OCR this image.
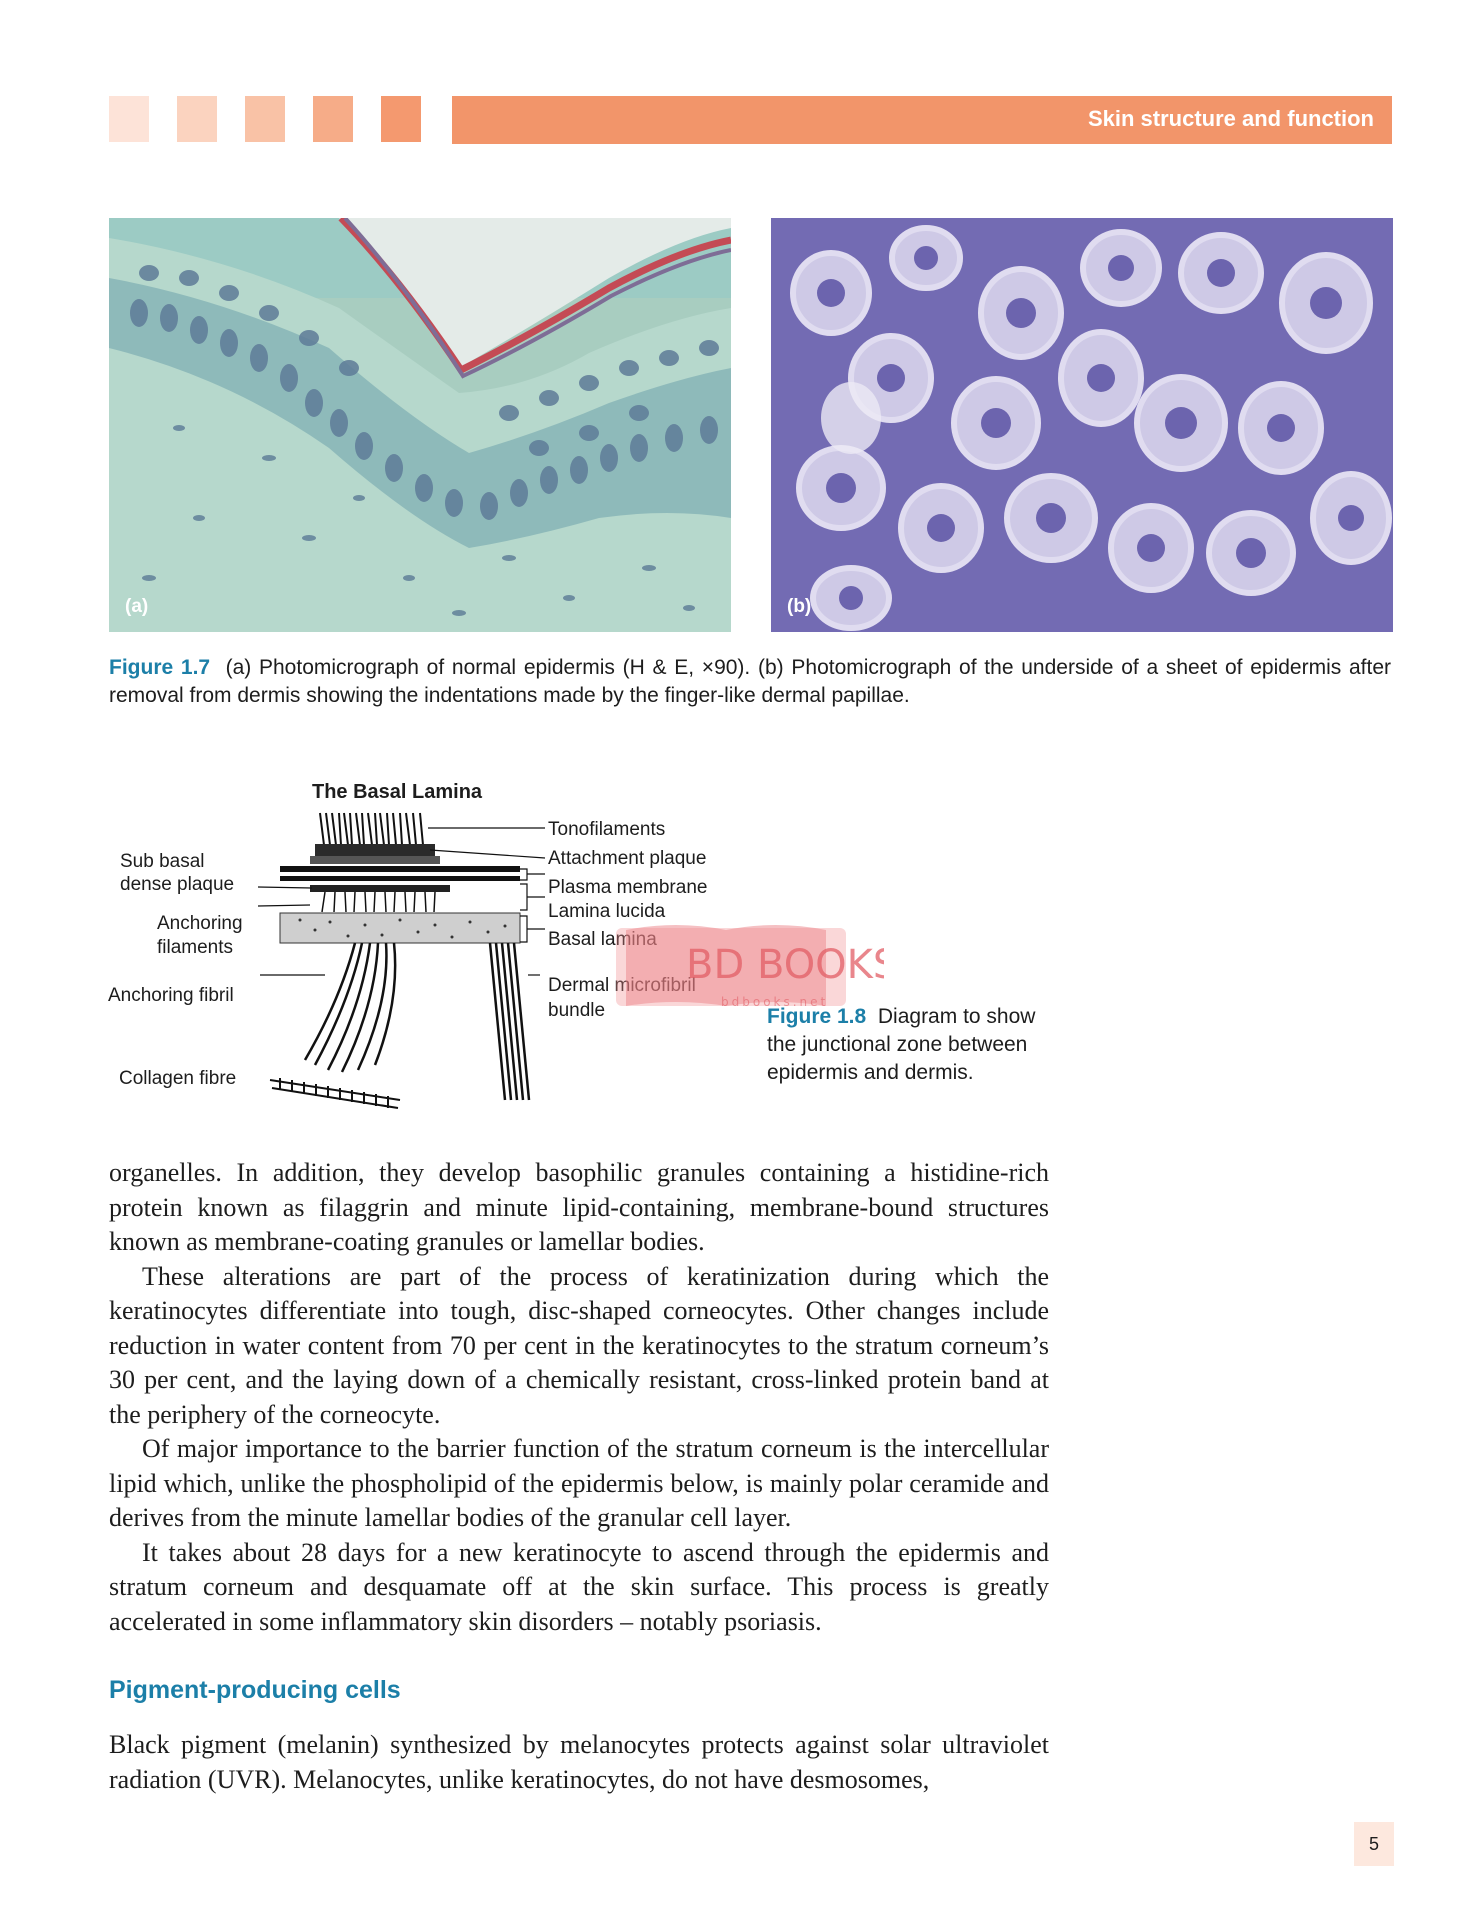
Skin structure and function
(a)	(b)
Figure 1.7 (a) Photomicrograph of normal epidermis (H & E, ×90). (b) Photomicrograph of the underside of a sheet of epidermis after removal from dermis showing the indentations made by the finger-like dermal papillae.
The Basal Lamina
Tonofilaments
Attachment plaque
Plasma membrane
Lamina lucida
Basal lamina
Dermal microfibril
bundle
Sub basal
dense plaque
Anchoring
filaments
Anchoring fibril
Collagen fibre
BD BOOKS
bdbooks.net
Figure 1.8 Diagram to show the junctional zone between epidermis and dermis.

organelles. In addition, they develop basophilic granules containing a histidine-rich protein known as filaggrin and minute lipid-containing, membrane-bound structures known as membrane-coating granules or lamellar bodies.

These alterations are part of the process of keratinization during which the keratinocytes differentiate into tough, disc-shaped corneocytes. Other changes include reduction in water content from 70 per cent in the keratinocytes to the stratum corneum’s 30 per cent, and the laying down of a chemically resistant, cross-linked protein band at the periphery of the corneocyte.

Of major importance to the barrier function of the stratum corneum is the intercellular lipid which, unlike the phospholipid of the epidermis below, is mainly polar ceramide and derives from the minute lamellar bodies of the granular cell layer.

It takes about 28 days for a new keratinocyte to ascend through the epidermis and stratum corneum and desquamate off at the skin surface. This process is greatly accelerated in some inflammatory skin disorders – notably psoriasis.

Pigment-producing cells

Black pigment (melanin) synthesized by melanocytes protects against solar ultraviolet radiation (UVR). Melanocytes, unlike keratinocytes, do not have desmosomes,

5
